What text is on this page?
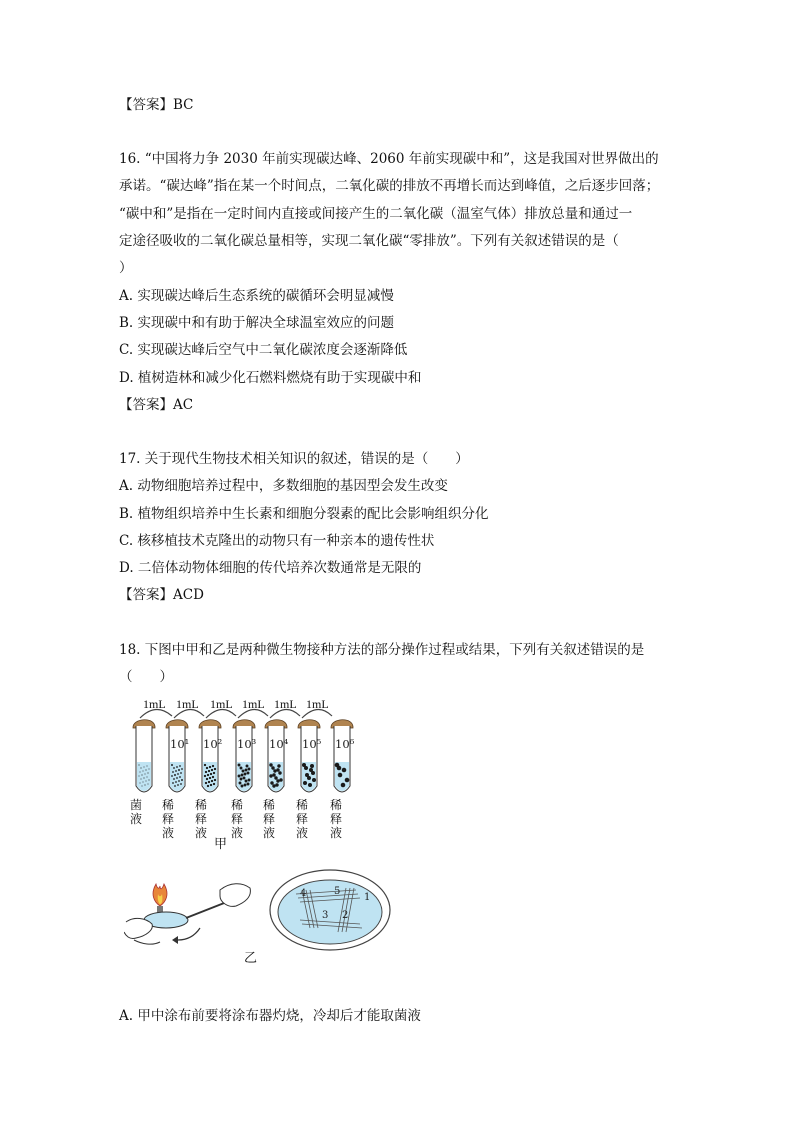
【答案】BC
16. “中国将力争 2030 年前实现碳达峰、2060 年前实现碳中和”，这是我国对世界做出的
承诺。“碳达峰”指在某一个时间点，二氧化碳的排放不再增长而达到峰值，之后逐步回落；
“碳中和”是指在一定时间内直接或间接产生的二氧化碳（温室气体）排放总量和通过一
定途径吸收的二氧化碳总量相等，实现二氧化碳“零排放”。下列有关叙述错误的是（
）
A. 实现碳达峰后生态系统的碳循环会明显减慢
B. 实现碳中和有助于解决全球温室效应的问题
C. 实现碳达峰后空气中二氧化碳浓度会逐渐降低
D. 植树造林和减少化石燃料燃烧有助于实现碳中和
【答案】AC
17. 关于现代生物技术相关知识的叙述，错误的是（　　）
A. 动物细胞培养过程中，多数细胞的基因型会发生改变
B. 植物组织培养中生长素和细胞分裂素的配比会影响组织分化
C. 核移植技术克隆出的动物只有一种亲本的遗传性状
D. 二倍体动物体细胞的传代培养次数通常是无限的
【答案】ACD
18. 下图中甲和乙是两种微生物接种方法的部分操作过程或结果，下列有关叙述错误的是
（　　）
1mL 1mL 1mL 1mL 1mL 1mL
10¹ 10² 10³ 10⁴ 10⁵ 10⁶
菌
液
稀
释
液
稀
释
液
稀
释
液
稀
释
液
稀
释
液
稀
释
液
甲
4	5
1
3 2
乙
A. 甲中涂布前要将涂布器灼烧，冷却后才能取菌液
